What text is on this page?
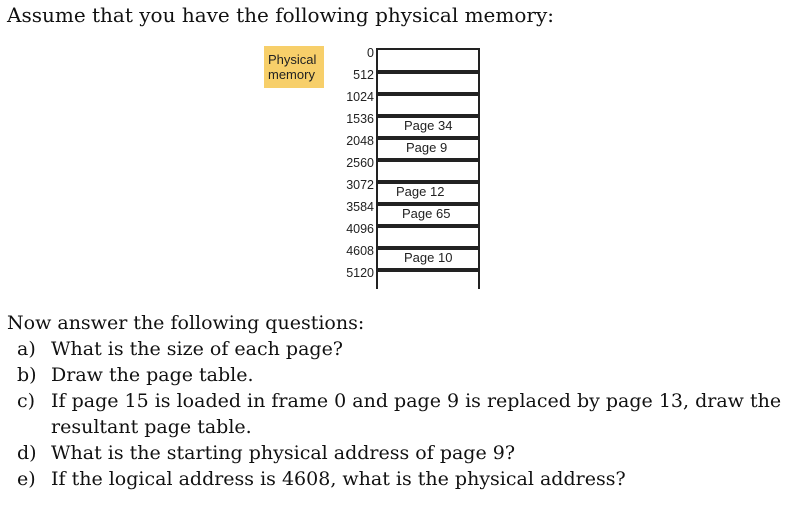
Assume that you have the following physical memory:
Physical memory
0
512
1024
1536
2048
2560
3072
3584
4096
4608
5120
Page 34
Page 9
Page 12
Page 65
Page 10
Now answer the following questions:
a) What is the size of each page?
b) Draw the page table.
c) If page 15 is loaded in frame 0 and page 9 is replaced by page 13, draw the
resultant page table.
d) What is the starting physical address of page 9?
e) If the logical address is 4608, what is the physical address?
